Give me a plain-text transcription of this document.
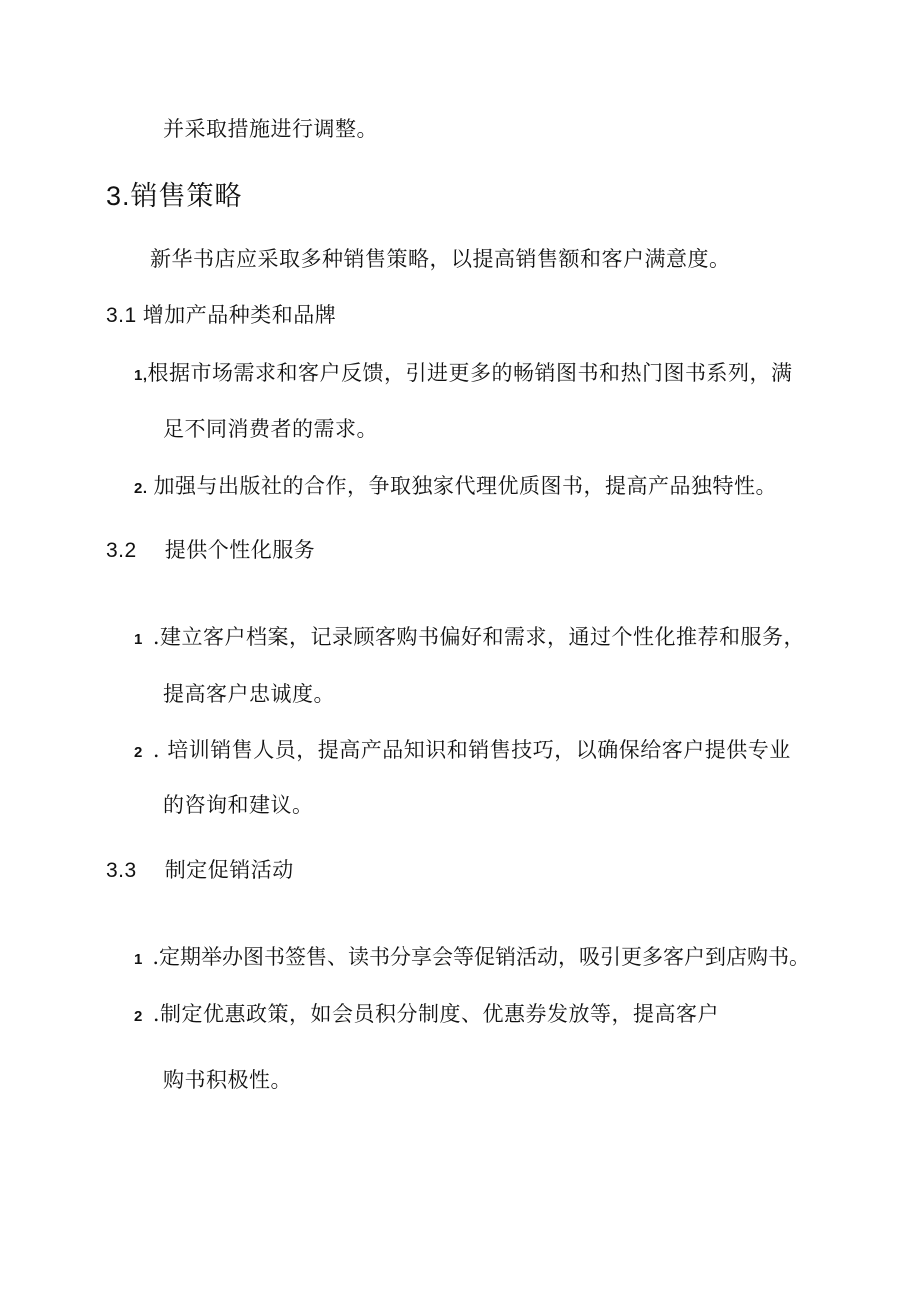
并采取措施进行调整。
3.销售策略
新华书店应采取多种销售策略，以提高销售额和客户满意度。
3.1 增加产品种类和品牌
1,根据市场需求和客户反馈，引进更多的畅销图书和热门图书系列，满
足不同消费者的需求。
2. 加强与出版社的合作，争取独家代理优质图书，提高产品独特性。
3.2 提供个性化服务
1 .建立客户档案，记录顾客购书偏好和需求，通过个性化推荐和服务，
提高客户忠诚度。
2 . 培训销售人员，提高产品知识和销售技巧，以确保给客户提供专业
的咨询和建议。
3.3 制定促销活动
1 .定期举办图书签售、读书分享会等促销活动，吸引更多客户到店购书。
2 .制定优惠政策，如会员积分制度、优惠券发放等，提高客户
购书积极性。
